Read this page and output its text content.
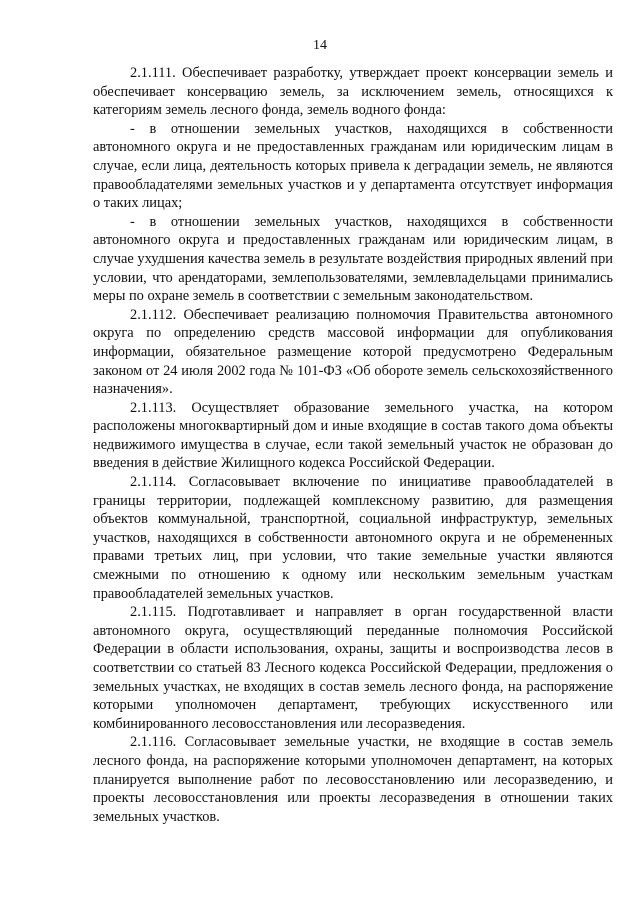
14

2.1.111. Обеспечивает разработку, утверждает проект консервации земель и обеспечивает консервацию земель, за исключением земель, относящихся к категориям земель лесного фонда, земель водного фонда:

- в отношении земельных участков, находящихся в собственности автономного округа и не предоставленных гражданам или юридическим лицам в случае, если лица, деятельность которых привела к деградации земель, не являются правообладателями земельных участков и у департамента отсутствует информация о таких лицах;

- в отношении земельных участков, находящихся в собственности автономного округа и предоставленных гражданам или юридическим лицам, в случае ухудшения качества земель в результате воздействия природных явлений при условии, что арендаторами, землепользователями, землевладельцами принимались меры по охране земель в соответствии с земельным законодательством.

2.1.112. Обеспечивает реализацию полномочия Правительства автономного округа по определению средств массовой информации для опубликования информации, обязательное размещение которой предусмотрено Федеральным законом от 24 июля 2002 года № 101-ФЗ «Об обороте земель сельскохозяйственного назначения».

2.1.113. Осуществляет образование земельного участка, на котором расположены многоквартирный дом и иные входящие в состав такого дома объекты недвижимого имущества в случае, если такой земельный участок не образован до введения в действие Жилищного кодекса Российской Федерации.

2.1.114. Согласовывает включение по инициативе правообладателей в границы территории, подлежащей комплексному развитию, для размещения объектов коммунальной, транспортной, социальной инфраструктур, земельных участков, находящихся в собственности автономного округа и не обремененных правами третьих лиц, при условии, что такие земельные участки являются смежными по отношению к одному или нескольким земельным участкам правообладателей земельных участков.

2.1.115. Подготавливает и направляет в орган государственной власти автономного округа, осуществляющий переданные полномочия Российской Федерации в области использования, охраны, защиты и воспроизводства лесов в соответствии со статьей 83 Лесного кодекса Российской Федерации, предложения о земельных участках, не входящих в состав земель лесного фонда, на распоряжение которыми уполномочен департамент, требующих искусственного или комбинированного лесовосстановления или лесоразведения.

2.1.116. Согласовывает земельные участки, не входящие в состав земель лесного фонда, на распоряжение которыми уполномочен департамент, на которых планируется выполнение работ по лесовосстановлению или лесоразведению, и проекты лесовосстановления или проекты лесоразведения в отношении таких земельных участков.
